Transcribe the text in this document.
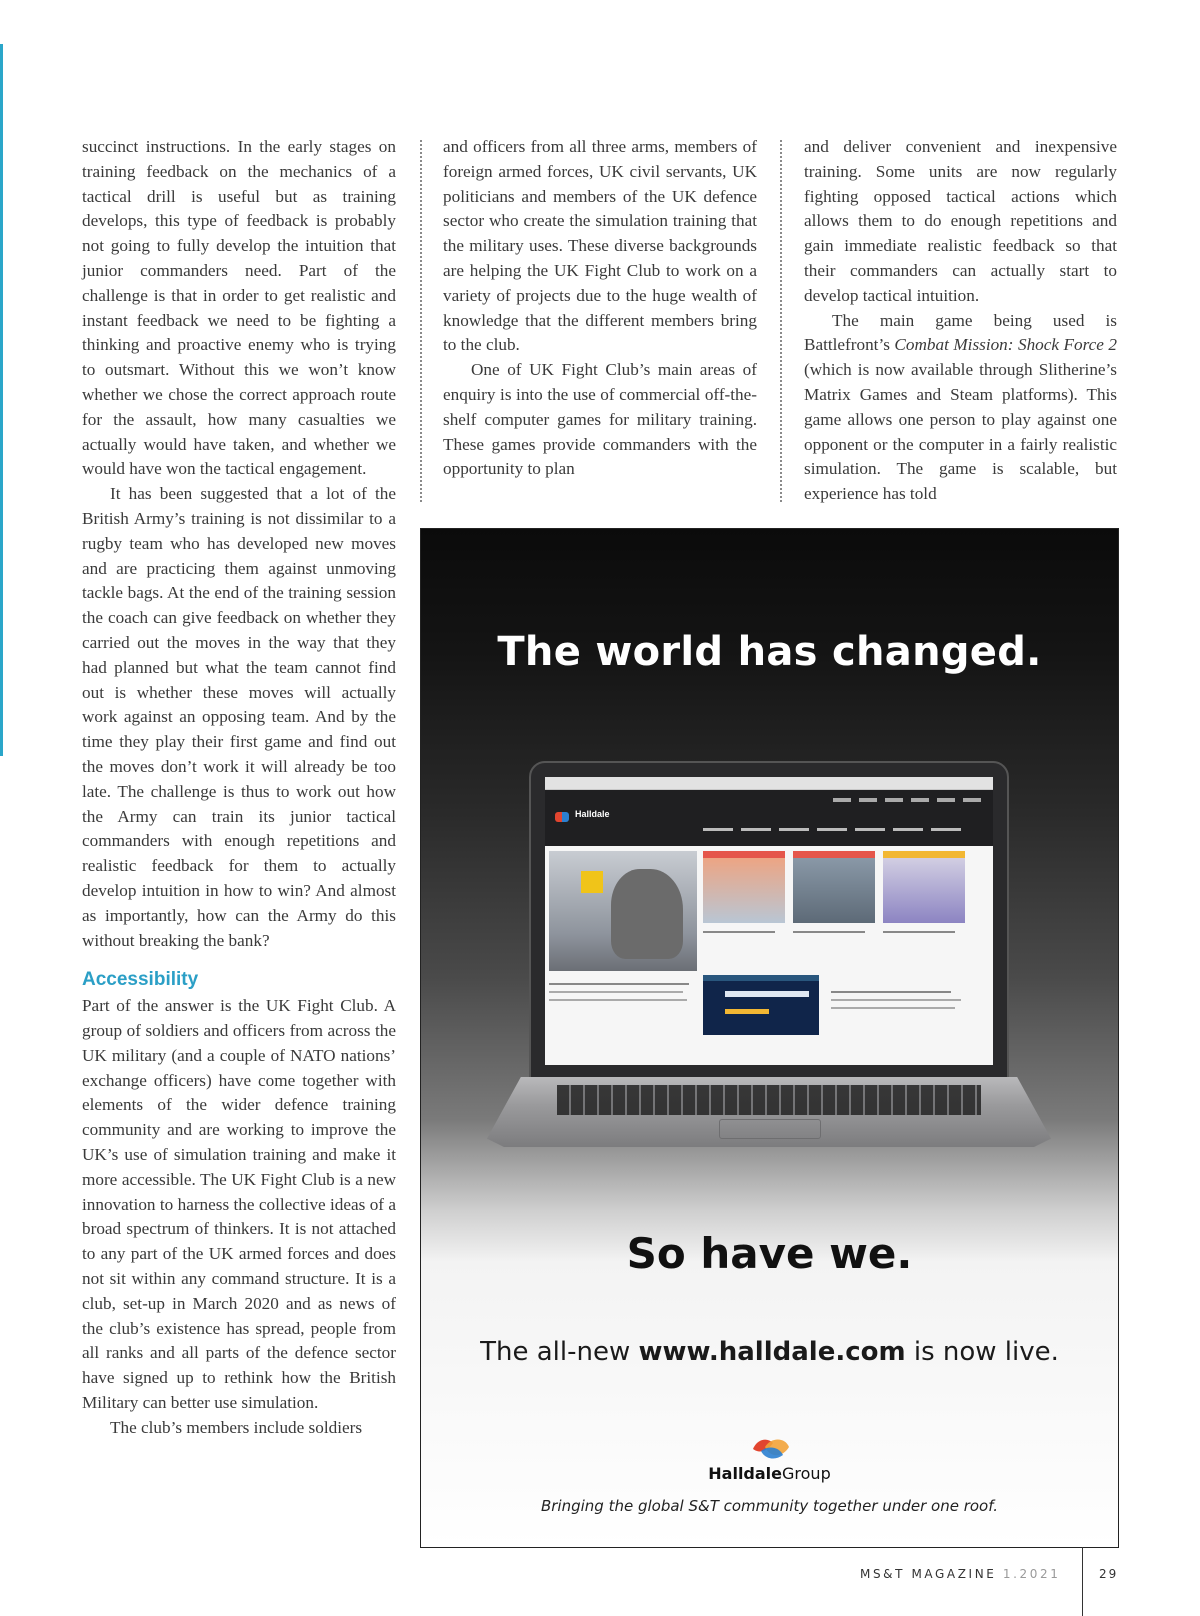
succinct instructions. In the early stages on training feedback on the mechanics of a tactical drill is useful but as training develops, this type of feedback is probably not going to fully develop the intuition that junior commanders need. Part of the challenge is that in order to get realistic and instant feedback we need to be fighting a thinking and proactive enemy who is trying to outsmart. Without this we won’t know whether we chose the correct approach route for the assault, how many casualties we actually would have taken, and whether we would have won the tactical engagement.

It has been suggested that a lot of the British Army’s training is not dissimilar to a rugby team who has developed new moves and are practicing them against unmoving tackle bags. At the end of the training session the coach can give feedback on whether they carried out the moves in the way that they had planned but what the team cannot find out is whether these moves will actually work against an opposing team. And by the time they play their first game and find out the moves don’t work it will already be too late. The challenge is thus to work out how the Army can train its junior tactical commanders with enough repetitions and realistic feedback for them to actually develop intuition in how to win? And almost as importantly, how can the Army do this without breaking the bank?

Accessibility

Part of the answer is the UK Fight Club. A group of soldiers and officers from across the UK military (and a couple of NATO nations’ exchange officers) have come together with elements of the wider defence training community and are working to improve the UK’s use of simulation training and make it more accessible. The UK Fight Club is a new innovation to harness the collective ideas of a broad spectrum of thinkers. It is not attached to any part of the UK armed forces and does not sit within any command structure. It is a club, set-up in March 2020 and as news of the club’s existence has spread, people from all ranks and all parts of the defence sector have signed up to rethink how the British Military can better use simulation.

The club’s members include soldiers

and officers from all three arms, members of foreign armed forces, UK civil servants, UK politicians and members of the UK defence sector who create the simulation training that the military uses. These diverse backgrounds are helping the UK Fight Club to work on a variety of projects due to the huge wealth of knowledge that the different members bring to the club.

One of UK Fight Club’s main areas of enquiry is into the use of commercial off-the-shelf computer games for military training. These games provide commanders with the opportunity to plan

and deliver convenient and inexpensive training. Some units are now regularly fighting opposed tactical actions which allows them to do enough repetitions and gain immediate realistic feedback so that their commanders can actually start to develop tactical intuition.

The main game being used is Battlefront’s Combat Mission: Shock Force 2 (which is now available through Slitherine’s Matrix Games and Steam platforms). This game allows one person to play against one opponent or the computer in a fairly realistic simulation. The game is scalable, but experience has told

The world has changed.
Halldale
So have we.
The all-new www.halldale.com is now live.
HalldaleGroup
Bringing the global S&T community together under one roof.
MS&T MAGAZINE 1.2021	29
